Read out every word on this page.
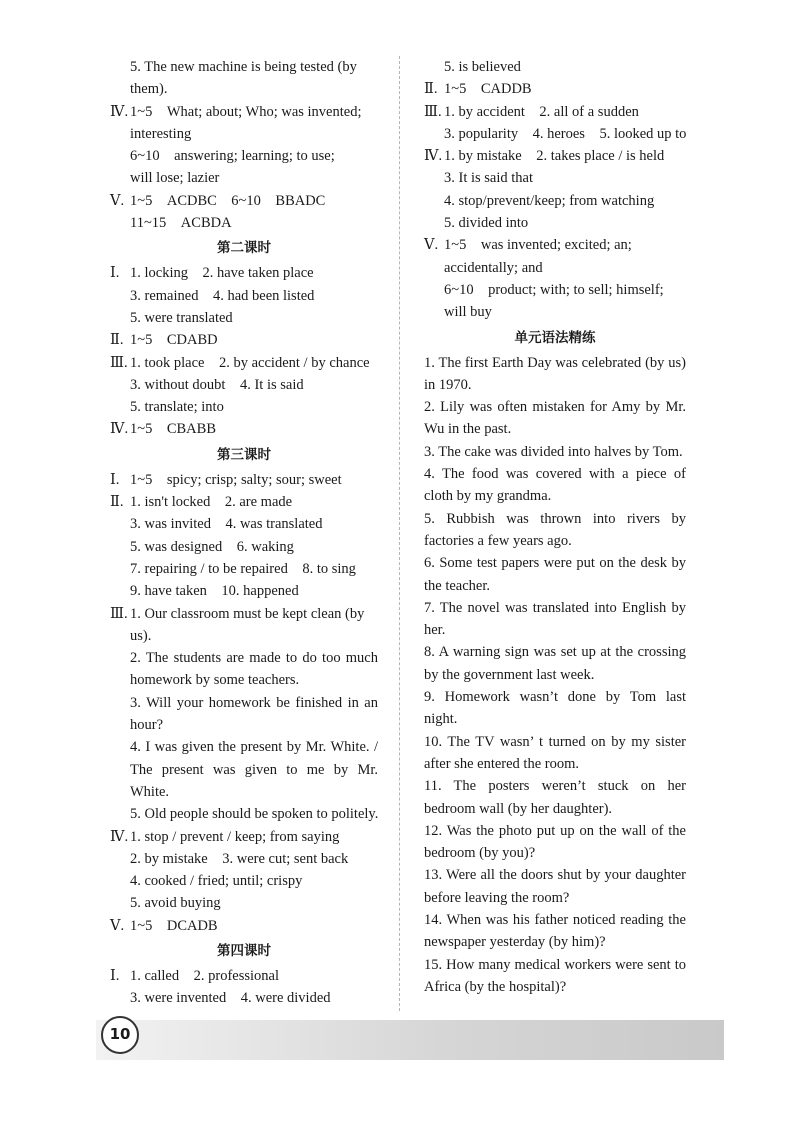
5. The new machine is being tested (by
them).
Ⅳ.1~5　What; about; Who; was invented;
interesting
6~10　answering; learning; to use;
will lose; lazier
Ⅴ.1~5　ACDBC　6~10　BBADC
11~15　ACBDA
第二课时
Ⅰ.1. locking　2. have taken place
3. remained　4. had been listed
5. were translated
Ⅱ.1~5　CDABD
Ⅲ.1. took place　2. by accident / by chance
3. without doubt　4. It is said
5. translate; into
Ⅳ.1~5　CBABB
第三课时
Ⅰ.1~5　spicy; crisp; salty; sour; sweet
Ⅱ.1. isn't locked　2. are made
3. was invited　4. was translated
5. was designed　6. waking
7. repairing / to be repaired　8. to sing
9. have taken　10. happened
Ⅲ.1. Our classroom must be kept clean (by
us).
2. The students are made to do too much homework by some teachers.
3. Will your homework be finished in an hour?
4. I was given the present by Mr. White. / The present was given to me by Mr. White.
5. Old people should be spoken to politely.
Ⅳ.1. stop / prevent / keep; from saying
2. by mistake　3. were cut; sent back
4. cooked / fried; until; crispy
5. avoid buying
Ⅴ.1~5　DCADB
第四课时
Ⅰ.1. called　2. professional
3. were invented　4. were divided
5. is believed
Ⅱ.1~5　CADDB
Ⅲ.1. by accident　2. all of a sudden
3. popularity　4. heroes　5. looked up to
Ⅳ.1. by mistake　2. takes place / is held
3. It is said that
4. stop/prevent/keep; from watching
5. divided into
Ⅴ.1~5　was invented; excited; an;
accidentally; and
6~10　product; with; to sell; himself;
will buy
单元语法精练
1. The first Earth Day was celebrated (by us) in 1970.
2. Lily was often mistaken for Amy by Mr. Wu in the past.
3. The cake was divided into halves by Tom.
4. The food was covered with a piece of cloth by my grandma.
5. Rubbish was thrown into rivers by factories a few years ago.
6. Some test papers were put on the desk by the teacher.
7. The novel was translated into English by her.
8. A warning sign was set up at the crossing by the government last week.
9. Homework wasn’t done by Tom last night.
10. The TV wasn’ t turned on by my sister after she entered the room.
11. The posters weren’t stuck on her bedroom wall (by her daughter).
12. Was the photo put up on the wall of the bedroom (by you)?
13. Were all the doors shut by your daughter before leaving the room?
14. When was his father noticed reading the newspaper yesterday (by him)?
15. How many medical workers were sent to Africa (by the hospital)?
10
